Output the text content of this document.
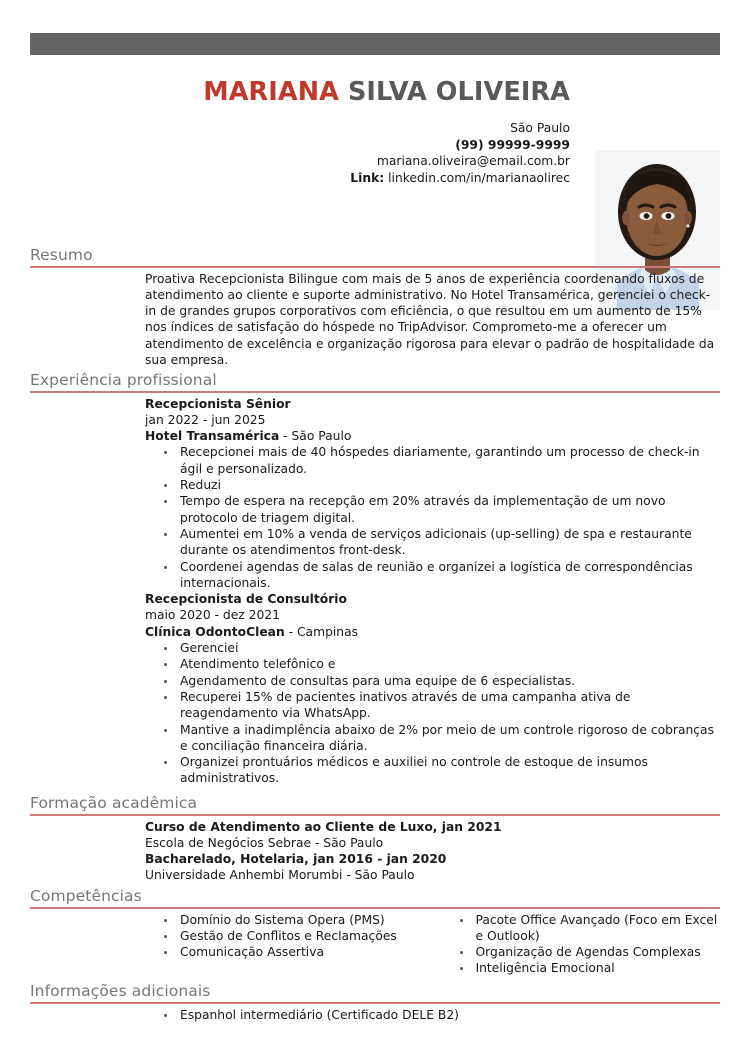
MARIANA SILVA OLIVEIRA
São Paulo
(99) 99999-9999
mariana.oliveira@email.com.br
Link: linkedin.com/in/marianaolirec
Resumo
Proativa Recepcionista Bilingue com mais de 5 anos de experiência coordenando fluxos de atendimento ao cliente e suporte administrativo. No Hotel Transamérica, gerenciei o check-in de grandes grupos corporativos com eficiência, o que resultou em um aumento de 15% nos índices de satisfação do hóspede no TripAdvisor. Comprometo-me a oferecer um atendimento de excelência e organização rigorosa para elevar o padrão de hospitalidade da sua empresa.
Experiência profissional
Recepcionista Sênior
jan 2022 - jun 2025
Hotel Transamérica - São Paulo
Recepcionei mais de 40 hóspedes diariamente, garantindo um processo de check-in ágil e personalizado.
Reduzi
Tempo de espera na recepção em 20% através da implementação de um novo protocolo de triagem digital.
Aumentei em 10% a venda de serviços adicionais (up-selling) de spa e restaurante durante os atendimentos front-desk.
Coordenei agendas de salas de reunião e organizei a logística de correspondências internacionais.
Recepcionista de Consultório
maio 2020 - dez 2021
Clínica OdontoClean - Campinas
Gerenciei
Atendimento telefônico e
Agendamento de consultas para uma equipe de 6 especialistas.
Recuperei 15% de pacientes inativos através de uma campanha ativa de reagendamento via WhatsApp.
Mantive a inadimplência abaixo de 2% por meio de um controle rigoroso de cobranças e conciliação financeira diária.
Organizei prontuários médicos e auxiliei no controle de estoque de insumos administrativos.
Formação acadêmica
Curso de Atendimento ao Cliente de Luxo, jan 2021
Escola de Negócios Sebrae - São Paulo
Bacharelado, Hotelaria, jan 2016 - jan 2020
Universidade Anhembi Morumbi - São Paulo
Competências
Domínio do Sistema Opera (PMS)
Gestão de Conflitos e Reclamações
Comunicação Assertiva
Pacote Office Avançado (Foco em Excel e Outlook)
Organização de Agendas Complexas
Inteligência Emocional
Informações adicionais
Espanhol intermediário (Certificado DELE B2)
